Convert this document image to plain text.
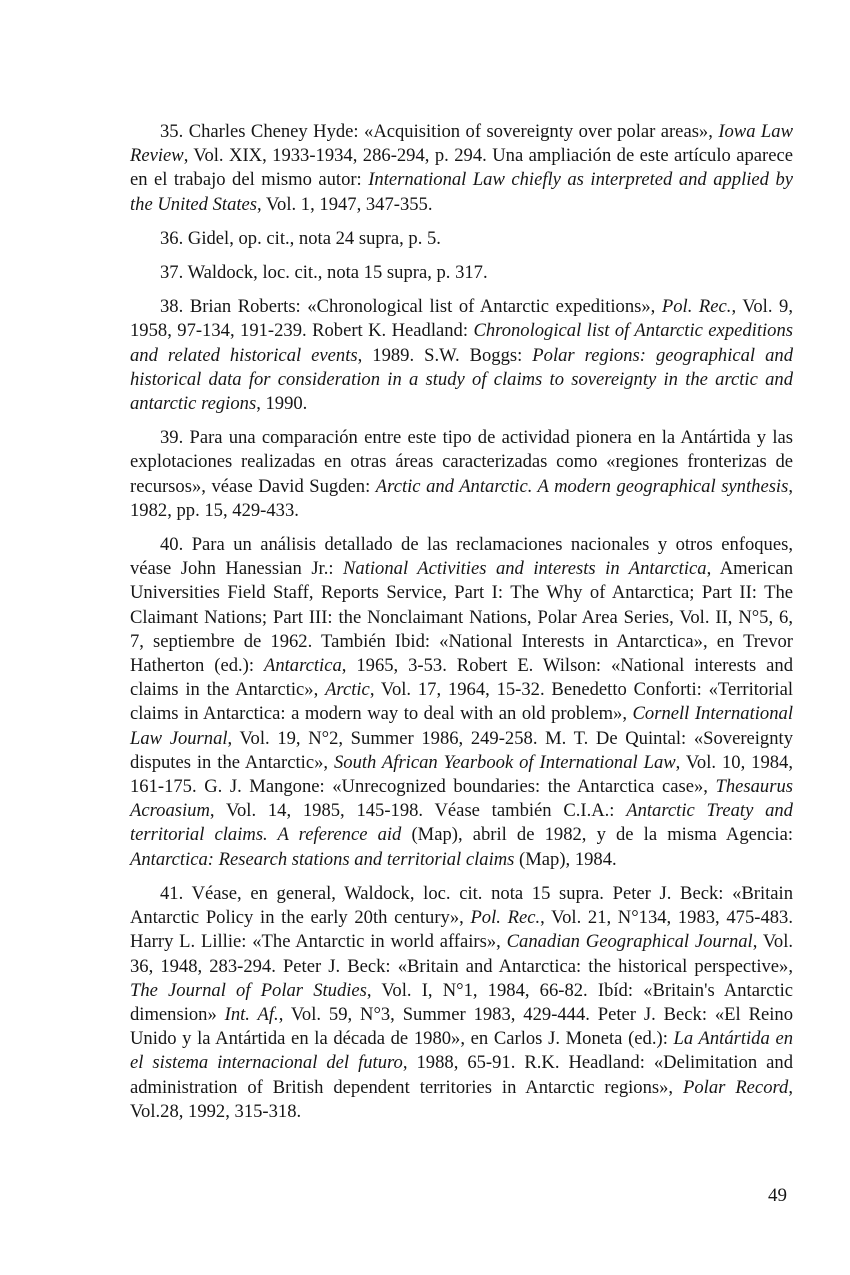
35. Charles Cheney Hyde: «Acquisition of sovereignty over polar areas», Iowa Law Review, Vol. XIX, 1933-1934, 286-294, p. 294. Una ampliación de este artículo aparece en el trabajo del mismo autor: International Law chiefly as interpreted and applied by the United States, Vol. 1, 1947, 347-355.

36. Gidel, op. cit., nota 24 supra, p. 5.

37. Waldock, loc. cit., nota 15 supra, p. 317.

38. Brian Roberts: «Chronological list of Antarctic expeditions», Pol. Rec., Vol. 9, 1958, 97-134, 191-239. Robert K. Headland: Chronological list of Antarctic expeditions and related historical events, 1989. S.W. Boggs: Polar regions: geographical and historical data for consideration in a study of claims to sovereignty in the arctic and antarctic regions, 1990.

39. Para una comparación entre este tipo de actividad pionera en la Antártida y las explotaciones realizadas en otras áreas caracterizadas como «regiones fronterizas de recursos», véase David Sugden: Arctic and Antarctic. A modern geographical synthesis, 1982, pp. 15, 429-433.

40. Para un análisis detallado de las reclamaciones nacionales y otros enfoques, véase John Hanessian Jr.: National Activities and interests in Antarctica, American Universities Field Staff, Reports Service, Part I: The Why of Antarctica; Part II: The Claimant Nations; Part III: the Nonclaimant Nations, Polar Area Series, Vol. II, N°5, 6, 7, septiembre de 1962. También Ibid: «National Interests in Antarctica», en Trevor Hatherton (ed.): Antarctica, 1965, 3-53. Robert E. Wilson: «National interests and claims in the Antarctic», Arctic, Vol. 17, 1964, 15-32. Benedetto Conforti: «Territorial claims in Antarctica: a modern way to deal with an old problem», Cornell International Law Journal, Vol. 19, N°2, Summer 1986, 249-258. M. T. De Quintal: «Sovereignty disputes in the Antarctic», South African Yearbook of International Law, Vol. 10, 1984, 161-175. G. J. Mangone: «Unrecognized boundaries: the Antarctica case», Thesaurus Acroasium, Vol. 14, 1985, 145-198. Véase también C.I.A.: Antarctic Treaty and territorial claims. A reference aid (Map), abril de 1982, y de la misma Agencia: Antarctica: Research stations and territorial claims (Map), 1984.

41. Véase, en general, Waldock, loc. cit. nota 15 supra. Peter J. Beck: «Britain Antarctic Policy in the early 20th century», Pol. Rec., Vol. 21, N°134, 1983, 475-483. Harry L. Lillie: «The Antarctic in world affairs», Canadian Geographical Journal, Vol. 36, 1948, 283-294. Peter J. Beck: «Britain and Antarctica: the historical perspective», The Journal of Polar Studies, Vol. I, N°1, 1984, 66-82. Ibíd: «Britain's Antarctic dimension» Int. Af., Vol. 59, N°3, Summer 1983, 429-444. Peter J. Beck: «El Reino Unido y la Antártida en la década de 1980», en Carlos J. Moneta (ed.): La Antártida en el sistema internacional del futuro, 1988, 65-91. R.K. Headland: «Delimitation and administration of British dependent territories in Antarctic regions», Polar Record, Vol.28, 1992, 315-318.

49
